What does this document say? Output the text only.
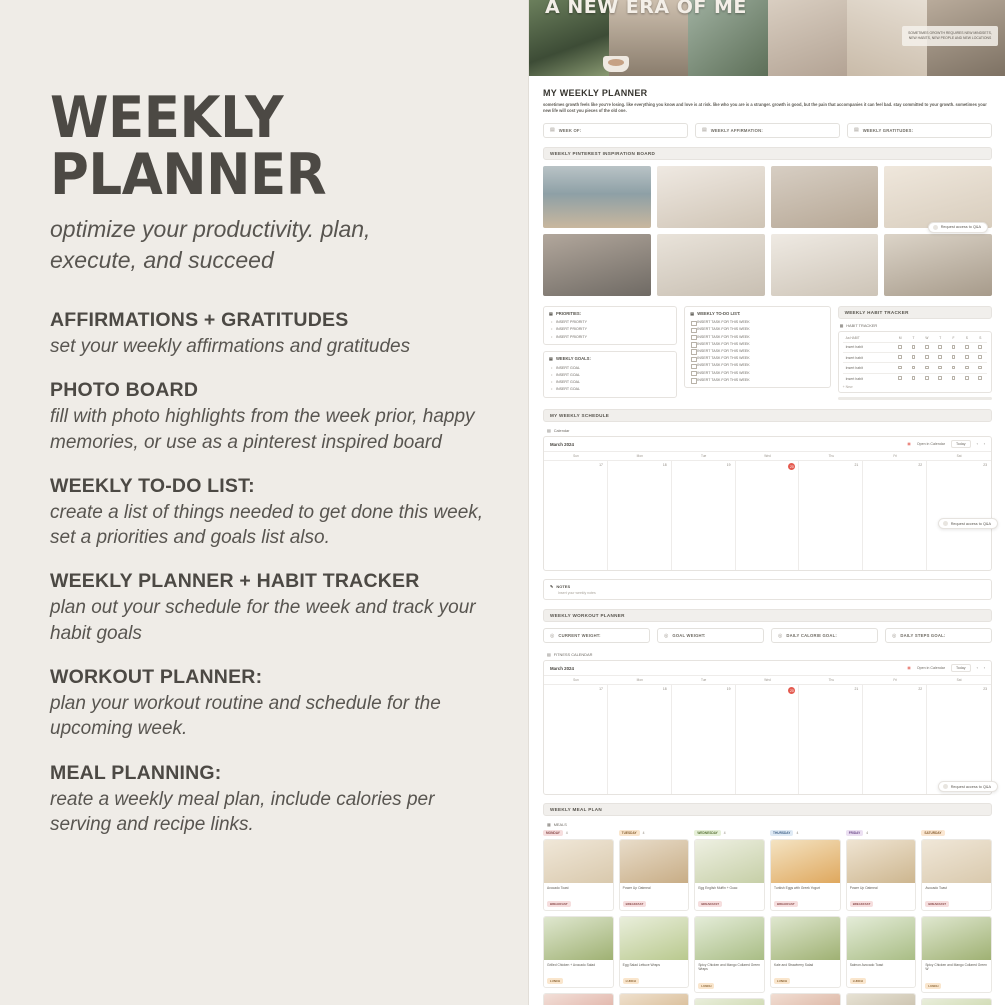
WEEKLY PLANNER
optimize your productivity. plan, execute, and succeed
AFFIRMATIONS + GRATITUDES

set your weekly affirmations and gratitudes

PHOTO BOARD

fill with photo highlights from the week prior, happy memories, or use as a pinterest inspired board

WEEKLY TO-DO LIST:

create a list of things needed to get done this week, set a priorities and goals list also.

WEEKLY PLANNER + HABIT TRACKER

plan out your schedule for the week and track your habit goals

WORKOUT PLANNER:

plan your workout routine and schedule for the upcoming week.

MEAL PLANNING:

reate a weekly meal plan, include calories per serving and recipe links.

A NEW ERA OF ME
SOMETIMES GROWTH REQUIRES NEW MINDSETS, NEW HABITS, NEW PEOPLE AND NEW LOCATIONS
MY WEEKLY PLANNER
sometimes growth feels like you're losing. like everything you know and love is at risk. like who you are is a stranger. growth is good, but the pain that accompanies it can feel bad. stay committed to your growth. sometimes your new life will cost you pieces of the old one.
▤ WEEK OF:	▤ WEEKLY AFFIRMATION:	▤ WEEKLY GRATITUDES:
WEEKLY PINTEREST INSPIRATION BOARD
Request access to Q&A
▤ PRIORITIES:
• INSERT PRIORITY
• INSERT PRIORITY
• INSERT PRIORITY
▤ WEEKLY GOALS:
• INSERT GOAL
• INSERT GOAL
• INSERT GOAL
• INSERT GOAL
▤ WEEKLY TO-DO LIST:
INSERT TASK FOR THIS WEEK
INSERT TASK FOR THIS WEEK
INSERT TASK FOR THIS WEEK
INSERT TASK FOR THIS WEEK
INSERT TASK FOR THIS WEEK
INSERT TASK FOR THIS WEEK
INSERT TASK FOR THIS WEEK
INSERT TASK FOR THIS WEEK
INSERT TASK FOR THIS WEEK
WEEKLY HABIT TRACKER
▦ HABIT TRACKER
Aa HABIT	M	T	W	T	F	S	S
Insert habit							
Insert habit							
Insert habit							
Insert habit							
+ New
MY WEEKLY SCHEDULE
▤ Calendar
March 2024	▦ Open in Calendar	Today	‹ ›
Sun	Mon	Tue	Wed	Thu	Fri	Sat
17	18	19	20	21	22	23
Request access to Q&A
✎ NOTES
Insert your weekly notes
WEEKLY WORKOUT PLANNER
◎ CURRENT WEIGHT:	◎ GOAL WEIGHT:	◎ DAILY CALORIE GOAL:	◎ DAILY STEPS GOAL:
▤ FITNESS CALENDAR
March 2024	▦ Open in Calendar	Today	‹ ›
Sun	Mon	Tue	Wed	Thu	Fri	Sat
17	18	19	20	21	22	23
Request access to Q&A
WEEKLY MEAL PLAN
▦ MEALS
MONDAY	4
Avocado Toast
BREAKFAST
Grilled Chicken + Avocado Salad
LUNCH
TUESDAY	4
Power Up Oatmeal
BREAKFAST
Egg Salad Lettuce Wraps
LUNCH
WEDNESDAY	4
Egg English Muffin + Guac
BREAKFAST
Spicy Chicken and Mango Collared Green Wraps
LUNCH
THURSDAY	4
Turkish Eggs with Greek Yogurt
BREAKFAST
Kale and Strawberry Salad
LUNCH
FRIDAY	4
Power Up Oatmeal
BREAKFAST
Salmon Avocado Toast
LUNCH
SATURDAY
Avocado Toast
BREAKFAST
Spicy Chicken and Mango Collared Green W
LUNCH
